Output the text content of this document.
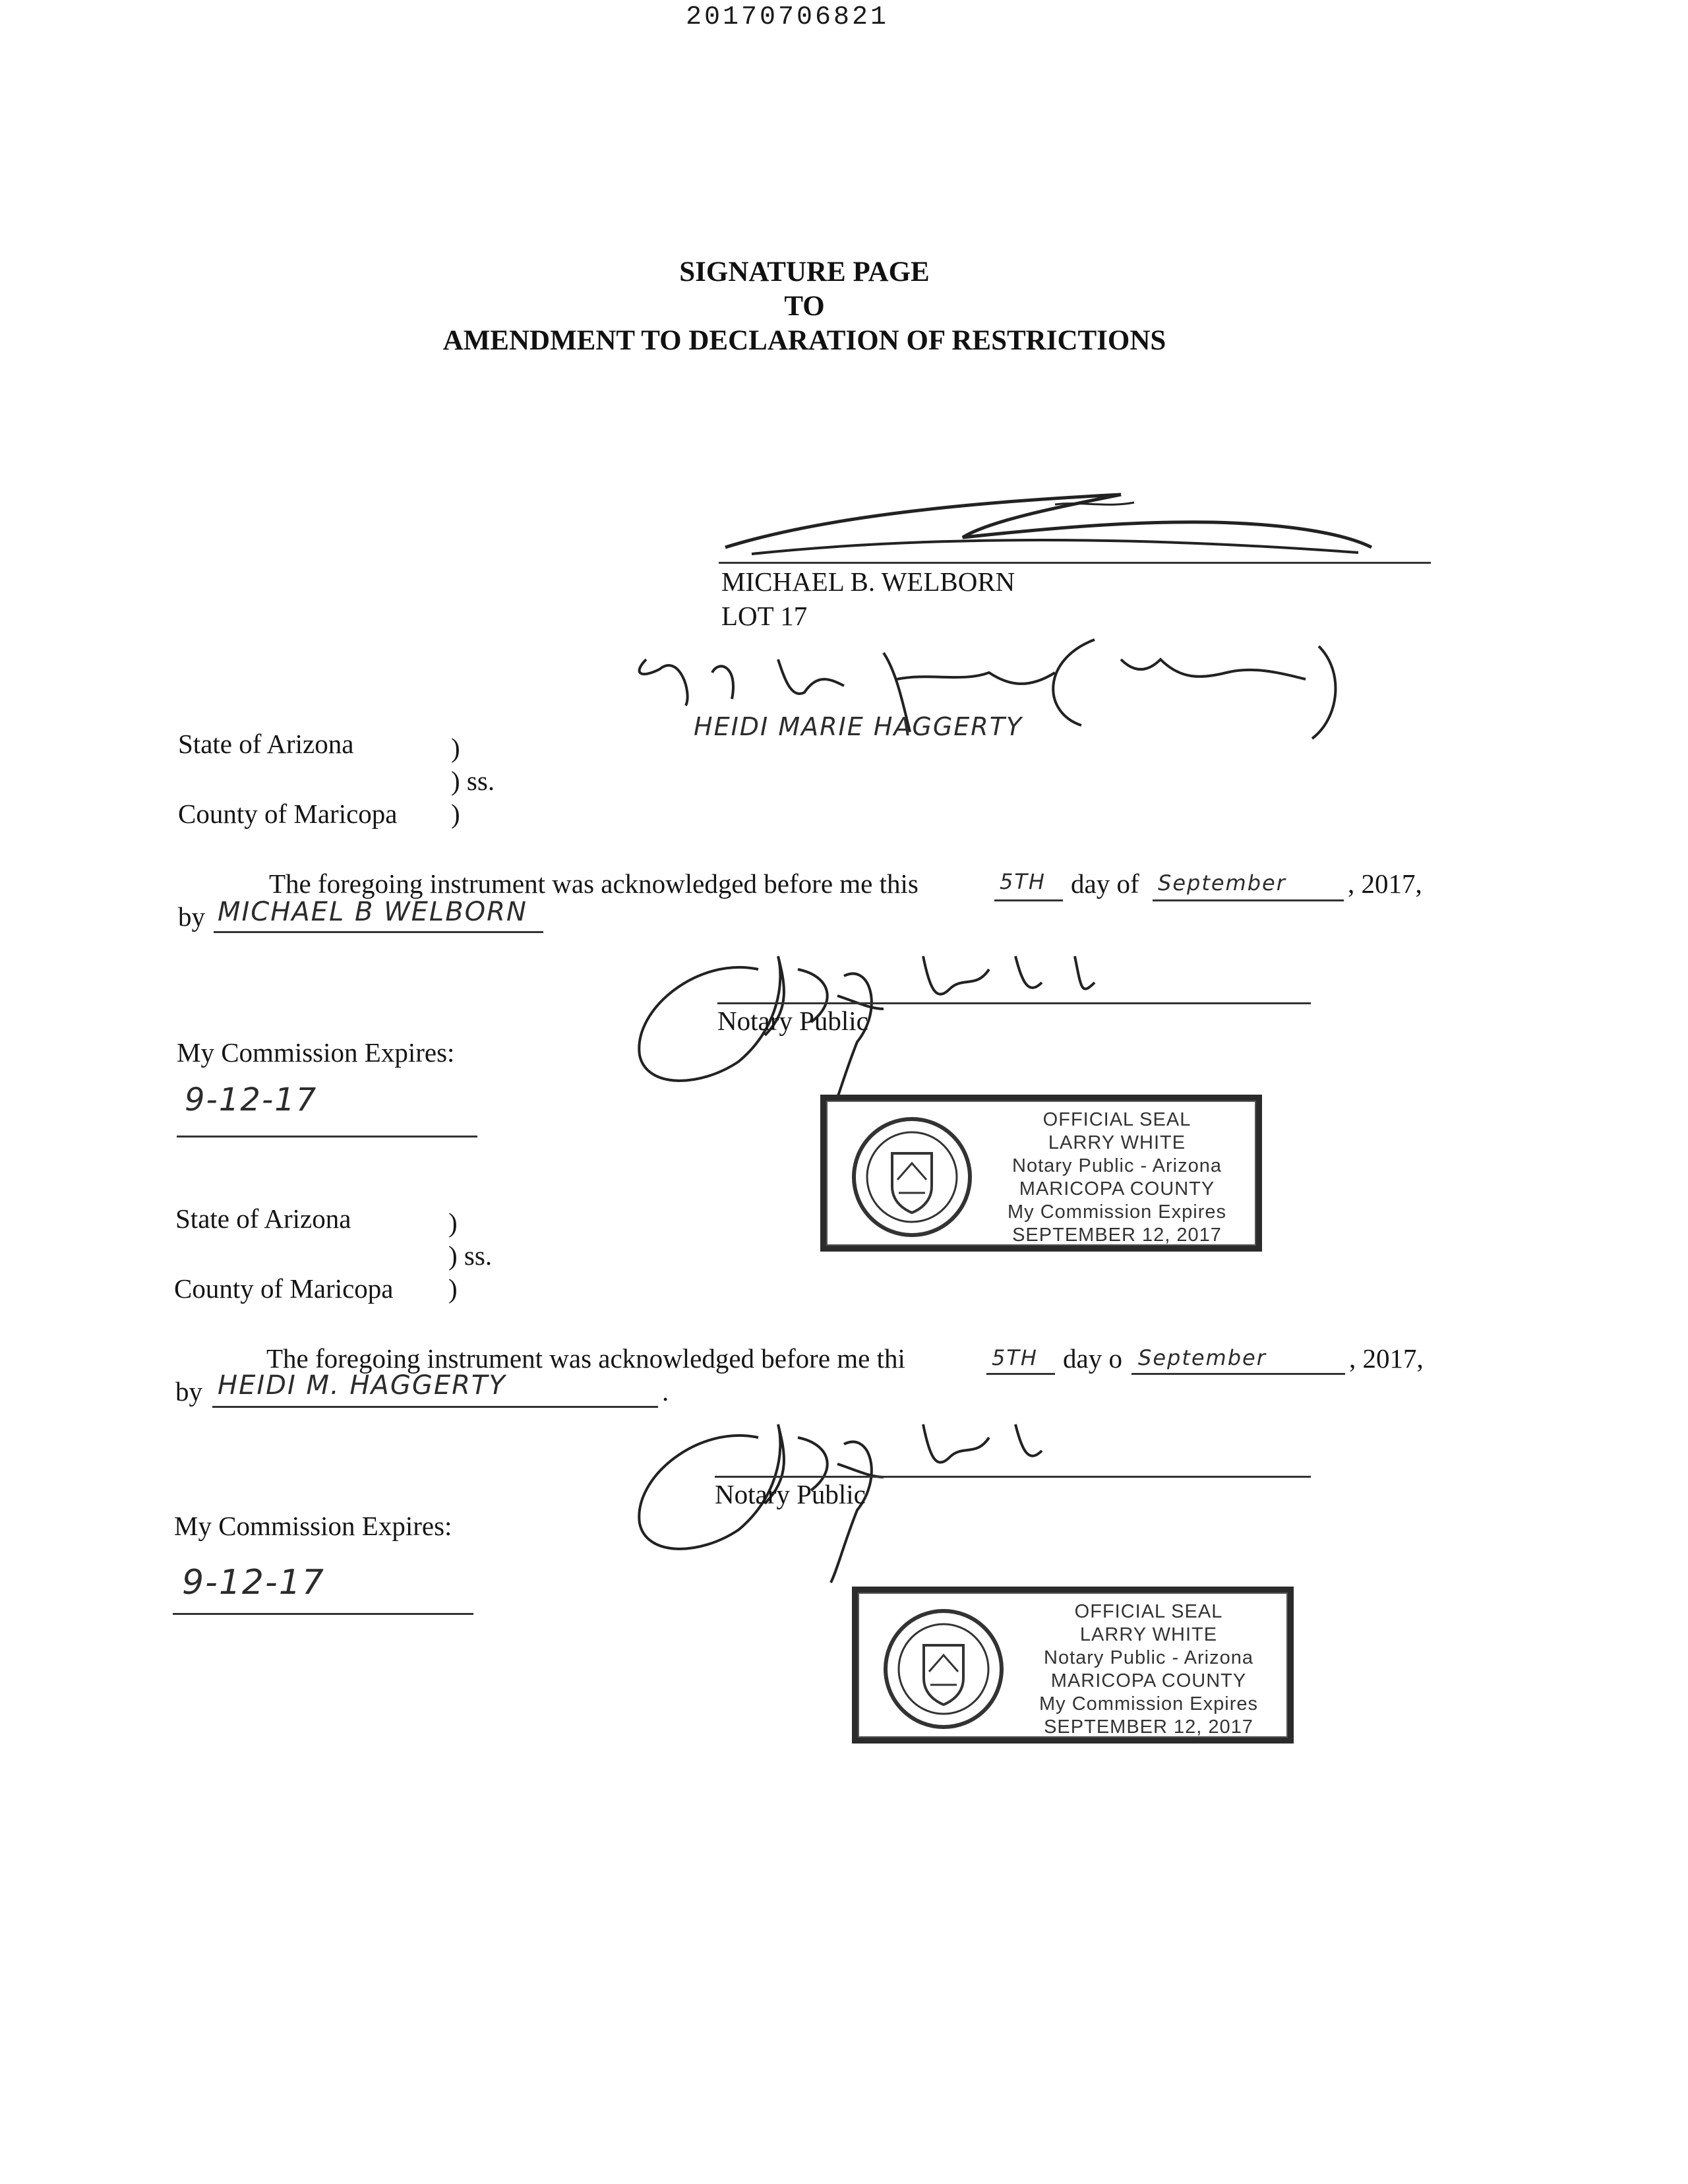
20170706821
SIGNATURE PAGE
TO
AMENDMENT TO DECLARATION OF RESTRICTIONS
MICHAEL B. WELBORN
LOT 17
HEIDI MARIE HAGGERTY
State of Arizona	)
) ss.
County of Maricopa )
The foregoing instrument was acknowledged before me this	5TH day of September , 2017,
by MICHAEL B WELBORN
Notary Public
My Commission Expires:
9-12-17
OFFICIAL SEAL
LARRY WHITE
Notary Public - Arizona
MARICOPA COUNTY
My Commission Expires
SEPTEMBER 12, 2017
State of Arizona	)
) ss.
County of Maricopa )
The foregoing instrument was acknowledged before me thi	5TH day o September	, 2017,
by HEIDI M. HAGGERTY	.
Notary Public
My Commission Expires:
9-12-17
OFFICIAL SEAL
LARRY WHITE
Notary Public - Arizona
MARICOPA COUNTY
My Commission Expires
SEPTEMBER 12, 2017
